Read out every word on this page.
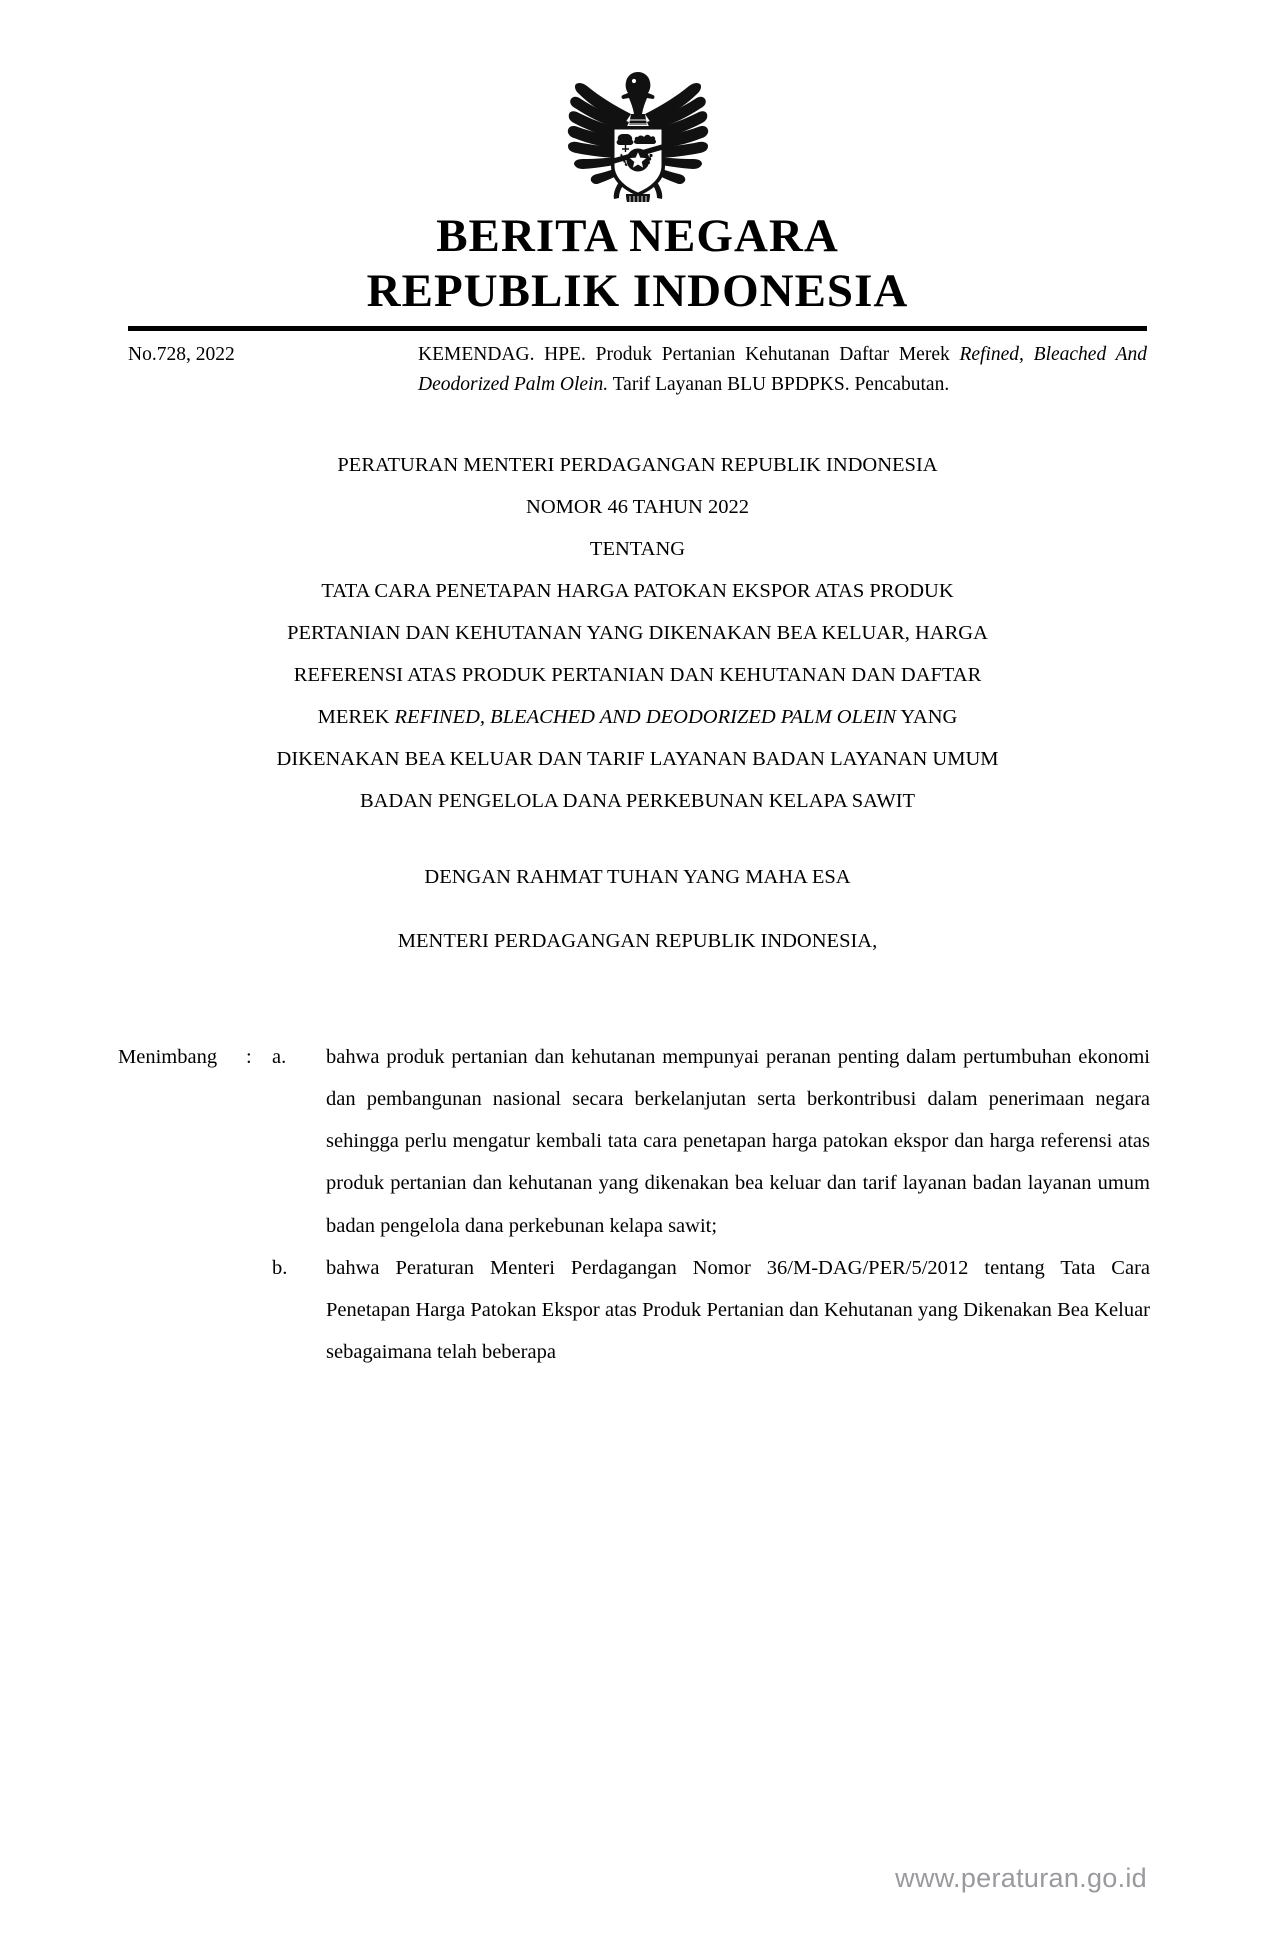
BERITA NEGARA
REPUBLIK INDONESIA
No.728, 2022	KEMENDAG. HPE. Produk Pertanian Kehutanan Daftar Merek Refined, Bleached And Deodorized Palm Olein. Tarif Layanan BLU BPDPKS. Pencabutan.
PERATURAN MENTERI PERDAGANGAN REPUBLIK INDONESIA
NOMOR 46 TAHUN 2022
TENTANG
TATA CARA PENETAPAN HARGA PATOKAN EKSPOR ATAS PRODUK
PERTANIAN DAN KEHUTANAN YANG DIKENAKAN BEA KELUAR, HARGA
REFERENSI ATAS PRODUK PERTANIAN DAN KEHUTANAN DAN DAFTAR
MEREK REFINED, BLEACHED AND DEODORIZED PALM OLEIN YANG
DIKENAKAN BEA KELUAR DAN TARIF LAYANAN BADAN LAYANAN UMUM
BADAN PENGELOLA DANA PERKEBUNAN KELAPA SAWIT
DENGAN RAHMAT TUHAN YANG MAHA ESA
MENTERI PERDAGANGAN REPUBLIK INDONESIA,
Menimbang	: a.	bahwa produk pertanian dan kehutanan mempunyai peranan penting dalam pertumbuhan ekonomi dan pembangunan nasional secara berkelanjutan serta berkontribusi dalam penerimaan negara sehingga perlu mengatur kembali tata cara penetapan harga patokan ekspor dan harga referensi atas produk pertanian dan kehutanan yang dikenakan bea keluar dan tarif layanan badan layanan umum badan pengelola dana perkebunan kelapa sawit;
b.	bahwa Peraturan Menteri Perdagangan Nomor 36/M-DAG/PER/5/2012 tentang Tata Cara Penetapan Harga Patokan Ekspor atas Produk Pertanian dan Kehutanan yang Dikenakan Bea Keluar sebagaimana telah beberapa
www.peraturan.go.id
